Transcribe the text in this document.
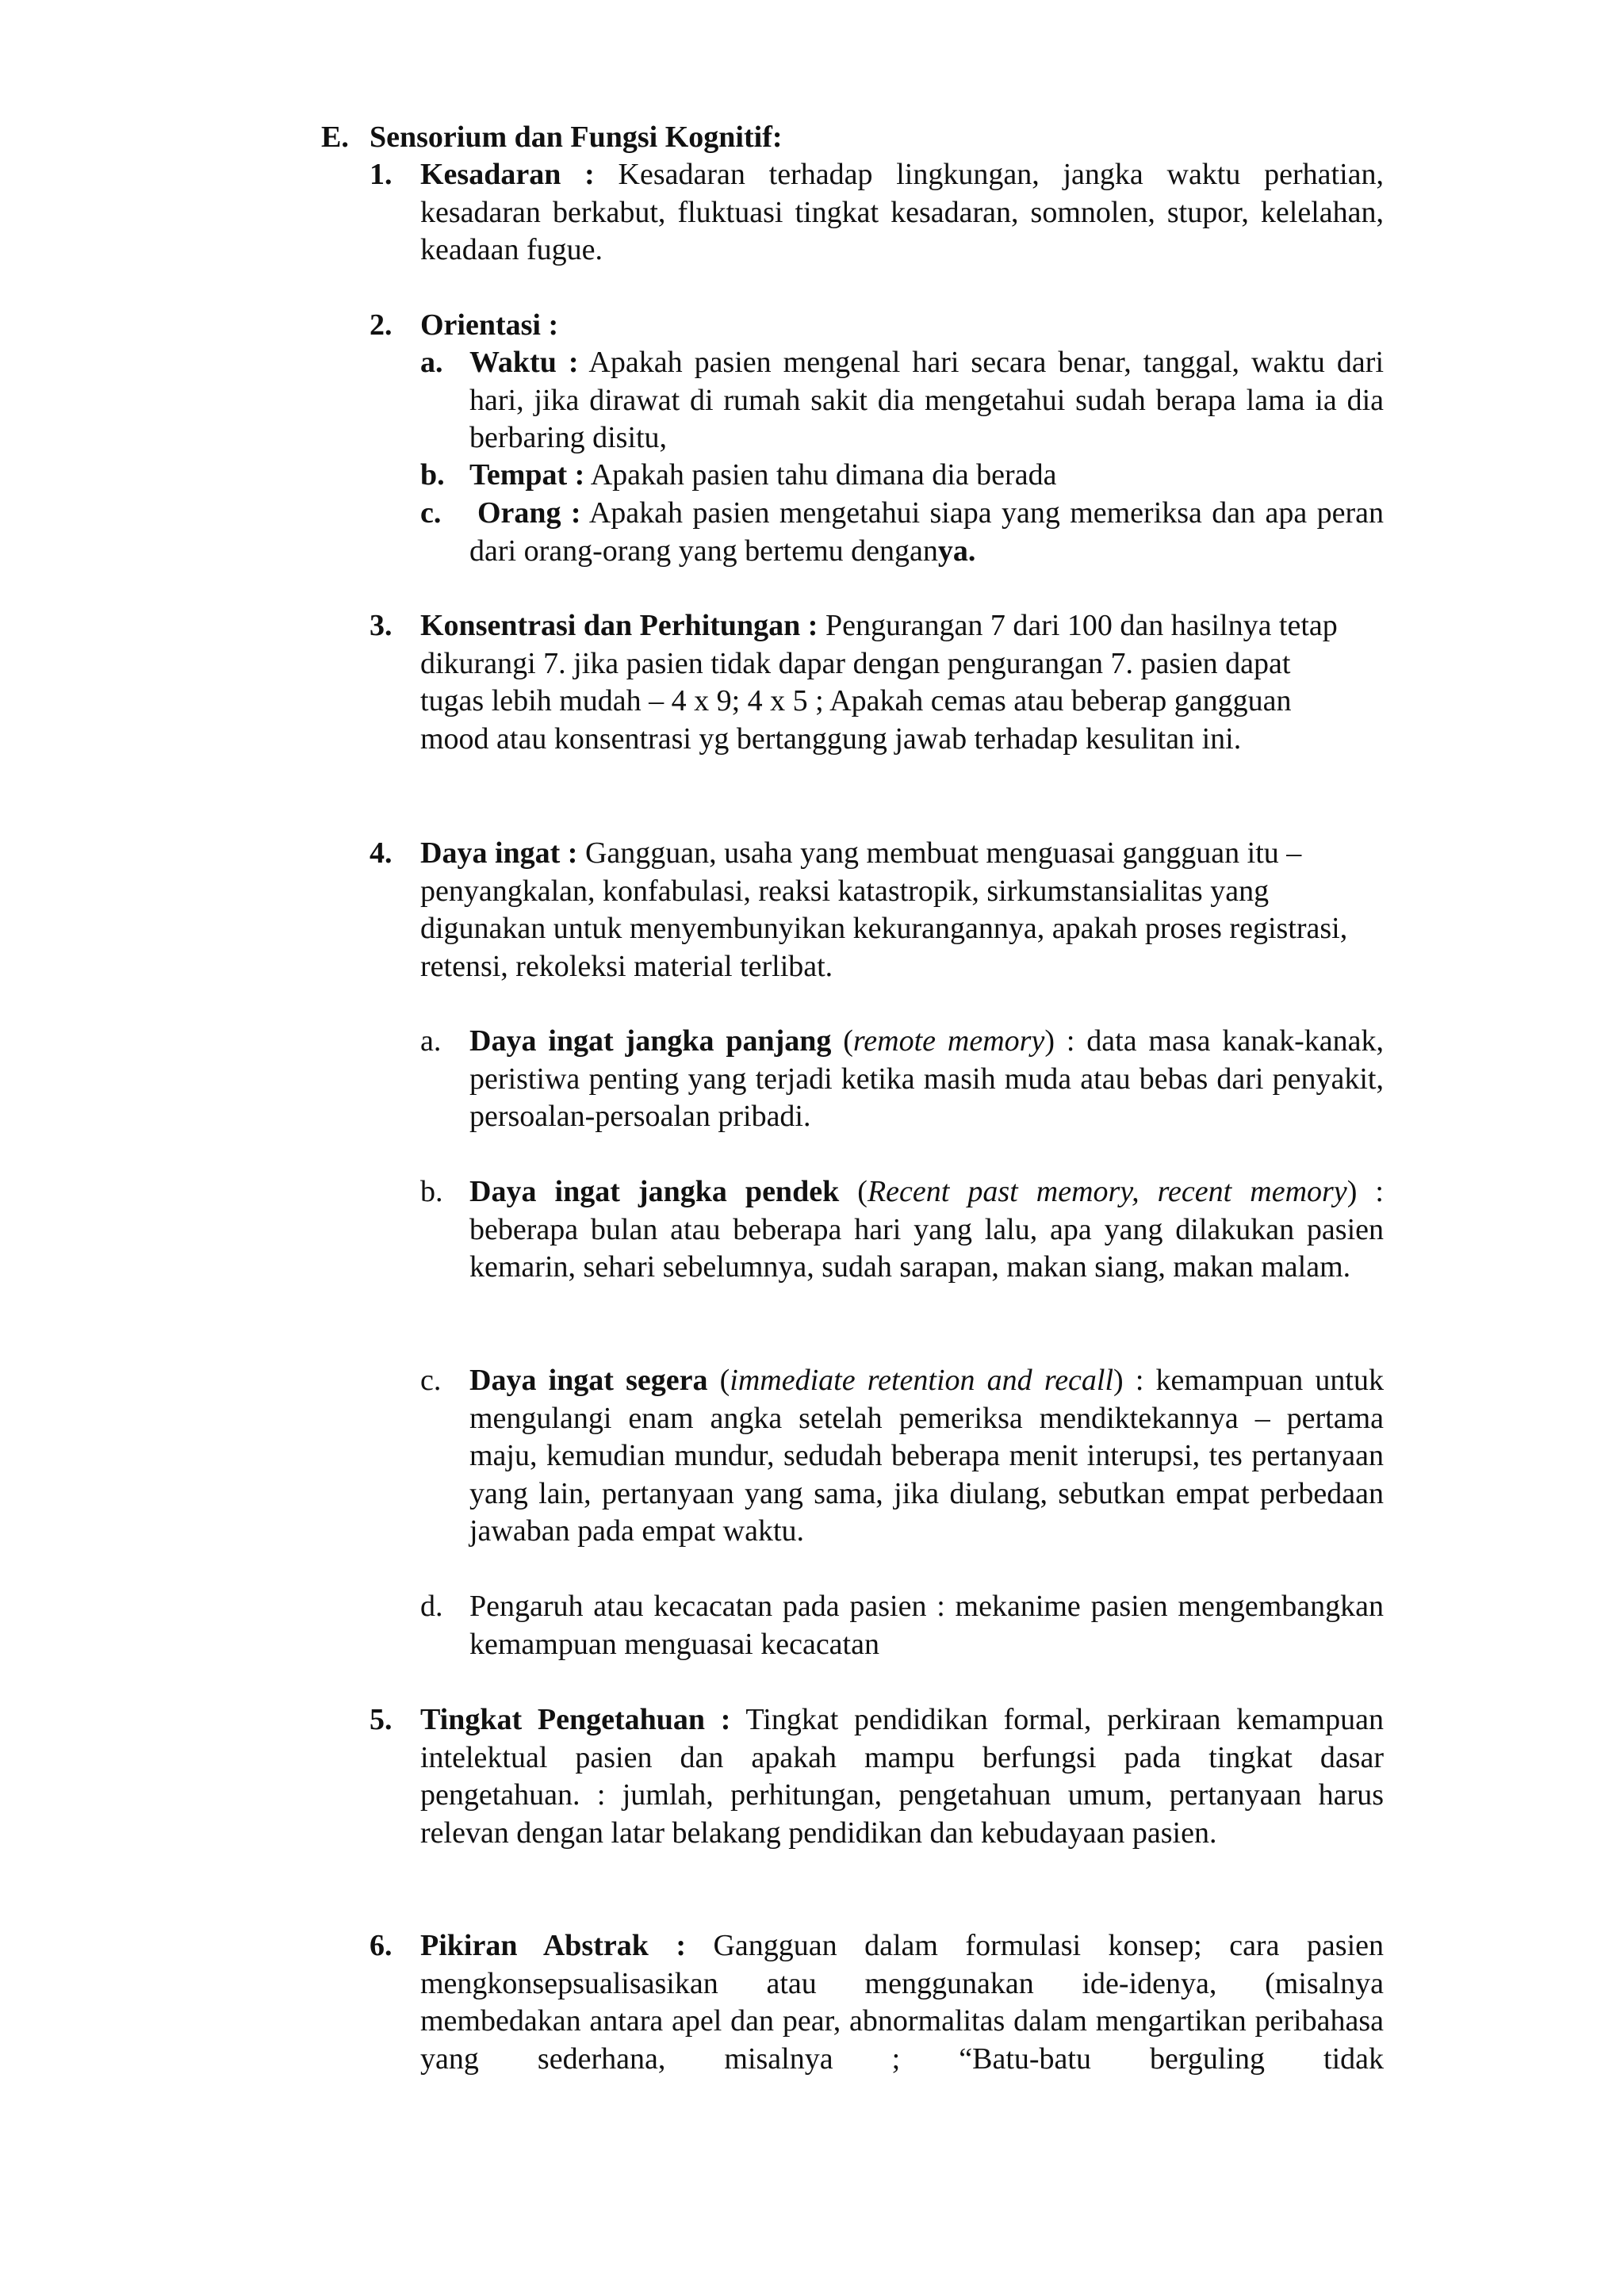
E. Sensorium dan Fungsi Kognitif:
1. Kesadaran : Kesadaran terhadap lingkungan, jangka waktu perhatian, kesadaran berkabut, fluktuasi tingkat kesadaran, somnolen, stupor, kelelahan, keadaan fugue.
2. Orientasi :
a. Waktu : Apakah pasien mengenal hari secara benar, tanggal, waktu dari hari, jika dirawat di rumah sakit dia mengetahui sudah berapa lama ia dia berbaring disitu,
b. Tempat : Apakah pasien tahu dimana dia berada
c. Orang : Apakah pasien mengetahui siapa yang memeriksa dan apa peran dari orang-orang yang bertemu denganya.
3. Konsentrasi dan Perhitungan : Pengurangan 7 dari 100 dan hasilnya tetap dikurangi 7. jika pasien tidak dapar dengan pengurangan 7. pasien dapat tugas lebih mudah – 4 x 9; 4 x 5 ; Apakah cemas atau beberap gangguan mood atau konsentrasi yg bertanggung jawab terhadap kesulitan ini.
4. Daya ingat : Gangguan, usaha yang membuat menguasai gangguan itu – penyangkalan, konfabulasi, reaksi katastropik, sirkumstansialitas yang digunakan untuk menyembunyikan kekurangannya, apakah proses registrasi, retensi, rekoleksi material terlibat.
a. Daya ingat jangka panjang (remote memory) : data masa kanak-kanak, peristiwa penting yang terjadi ketika masih muda atau bebas dari penyakit, persoalan-persoalan pribadi.
b. Daya ingat jangka pendek (Recent past memory, recent memory) : beberapa bulan atau beberapa hari yang lalu, apa yang dilakukan pasien kemarin, sehari sebelumnya, sudah sarapan, makan siang, makan malam.
c. Daya ingat segera (immediate retention and recall) : kemampuan untuk mengulangi enam angka setelah pemeriksa mendiktekannya – pertama maju, kemudian mundur, sedudah beberapa menit interupsi, tes pertanyaan yang lain, pertanyaan yang sama, jika diulang, sebutkan empat perbedaan jawaban pada empat waktu.
d. Pengaruh atau kecacatan pada pasien : mekanime pasien mengembangkan kemampuan menguasai kecacatan
5. Tingkat Pengetahuan : Tingkat pendidikan formal, perkiraan kemampuan intelektual pasien dan apakah mampu berfungsi pada tingkat dasar pengetahuan. : jumlah, perhitungan, pengetahuan umum, pertanyaan harus relevan dengan latar belakang pendidikan dan kebudayaan pasien.
6. Pikiran Abstrak : Gangguan dalam formulasi konsep; cara pasien mengkonsepsualisasikan atau menggunakan ide-idenya, (misalnya membedakan antara apel dan pear, abnormalitas dalam mengartikan peribahasa yang sederhana, misalnya ; “Batu-batu berguling tidak
